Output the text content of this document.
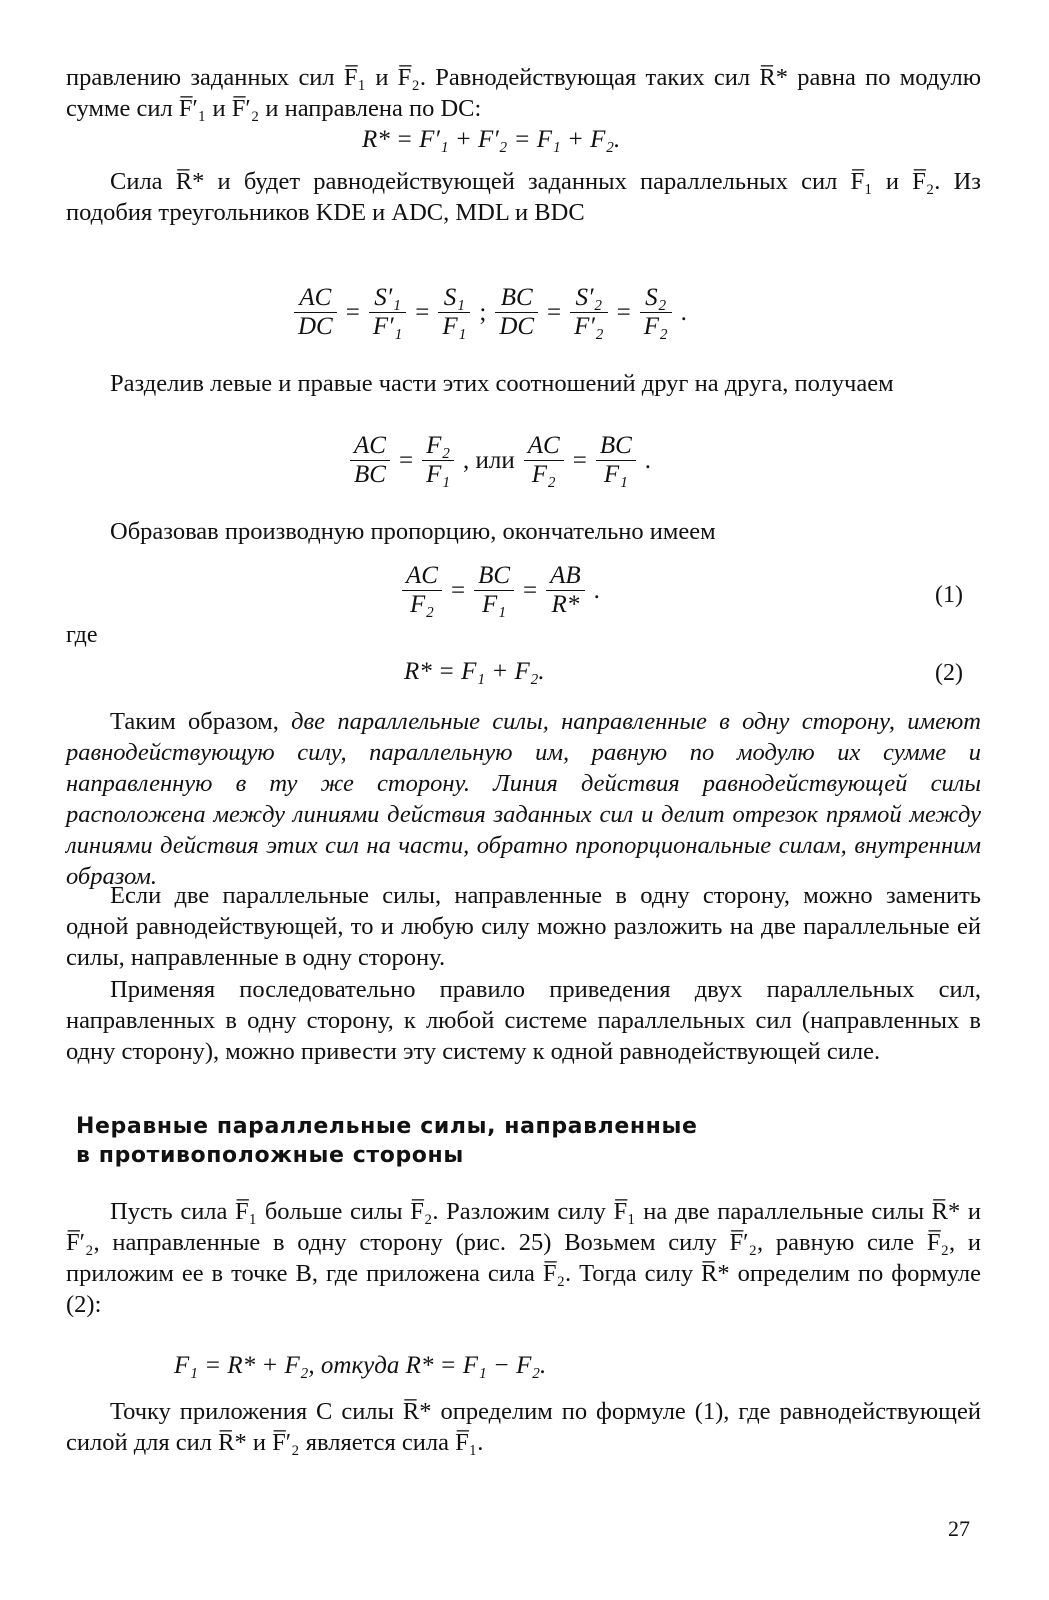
правлению заданных сил F̅₁ и F̅₂. Равнодействующая таких сил R̅* равна по модулю сумме сил F̅′₁ и F̅′₂ и направлена по DC:

R* = F′₁ + F′₂ = F₁ + F₂.

Сила R̅* и будет равнодействующей заданных параллельных сил F̅₁ и F̅₂. Из подобия треугольников KDE и ADC, MDL и BDC

$\frac{AC}{DC} = \frac{\text{S′₁}}{\text{F′₁}} = \frac{\text{S₁}}{\text{F₁}}$ ; $\frac{BC}{DC} = \frac{\text{S′₂}}{\text{F′₂}} = \frac{\text{S₂}}{\text{F₂}}$ .

Разделив левые и правые части этих соотношений друг на друга, получаем

$\frac{AC}{BC} = \frac{\text{F₂}}{\text{F₁}}$ , или $\frac{AC}{\text{F₂}} = \frac{BC}{\text{F₁}}$ .

Образовав производную пропорцию, окончательно имеем

$\frac{AC}{\text{F₂}} = \frac{BC}{\text{F₁}} = \frac{AB}{R*}$ .	(1)
где
R* = F₁ + F₂.	(2)

Таким образом, две параллельные силы, направленные в одну сторону, имеют равнодействующую силу, параллельную им, равную по модулю их сумме и направленную в ту же сторону. Линия действия равнодействующей силы расположена между линиями действия заданных сил и делит отрезок прямой между линиями действия этих сил на части, обратно пропорциональные силам, внутренним образом.

Если две параллельные силы, направленные в одну сторону, можно заменить одной равнодействующей, то и любую силу можно разложить на две параллельные ей силы, направленные в одну сторону.

Применяя последовательно правило приведения двух параллельных сил, направленных в одну сторону, к любой системе параллельных сил (направленных в одну сторону), можно привести эту систему к одной равнодействующей силе.

Неравные параллельные силы, направленные
в противоположные стороны

Пусть сила F̅₁ больше силы F̅₂. Разложим силу F̅₁ на две параллельные силы R̅* и F̅′₂, направленные в одну сторону (рис. 25) Возьмем силу F̅′₂, равную силе F̅₂, и приложим ее в точке B, где приложена сила F̅₂. Тогда силу R̅* определим по формуле (2):

F₁ = R* + F₂, откуда R* = F₁ − F₂.

Точку приложения C силы R̅* определим по формуле (1), где равнодействующей силой для сил R̅* и F̅′₂ является сила F̅₁.

27
